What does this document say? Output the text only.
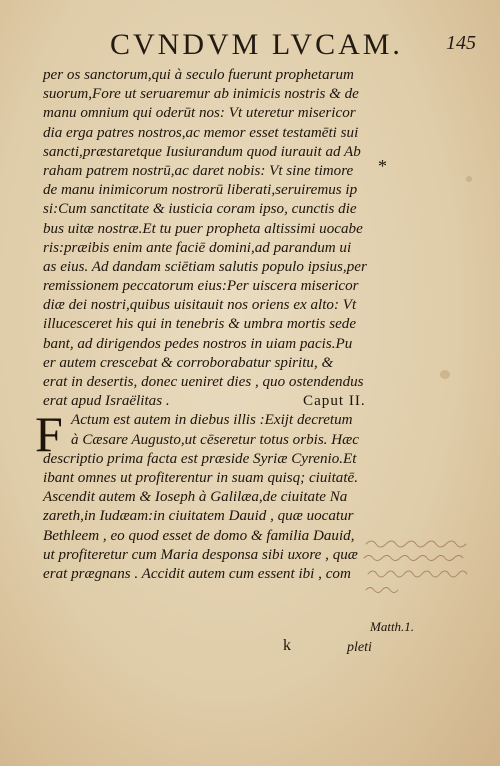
CVNDVM LVCAM. 145
per os sanctorum,qui à seculo fuerunt prophetarum
suorum,Fore ut seruaremur ab inimicis nostris & de
manu omnium qui oderūt nos: Vt uteretur misericor
dia erga patres nostros,ac memor esset testamēti sui
sancti,præstaretque Iusiurandum quod iurauit ad Ab
raham patrem nostrū,ac daret nobis: Vt sine timore
de manu inimicorum nostrorū liberati,seruiremus ip
si:Cum sanctitate & iusticia coram ipso, cunctis die
bus uitæ nostræ.Et tu puer propheta altissimi uocabe
ris:præibis enim ante faciē domini,ad parandum ui
as eius. Ad dandam sciētiam salutis populo ipsius,per
remissionem peccatorum eius:Per uiscera misericor
diæ dei nostri,quibus uisitauit nos oriens ex alto: Vt
illucesceret his qui in tenebris & umbra mortis sede
bant, ad dirigendos pedes nostros in uiam pacis.Pu
er autem crescebat & corroborabatur spiritu, &
erat in desertis, donec ueniret dies , quo ostendendus
erat apud Israëlitas .	Caput II.
F Actum est autem in diebus illis :Exijt decretum
à Cæsare Augusto,ut cēseretur totus orbis. Hæc
descriptio prima facta est præside Syriæ Cyrenio.Et
ibant omnes ut profiterentur in suam quisq; ciuitatē.
Ascendit autem & Ioseph à Galilæa,de ciuitate Na
zareth,in Iudæam:in ciuitatem Dauid , quæ uocatur
Bethleem , eo quod esset de domo & familia Dauid,
ut profiteretur cum Maria desponsa sibi uxore , quæ
erat prægnans . Accidit autem cum essent ibi , com
*
k
Matth.1.
pleti
